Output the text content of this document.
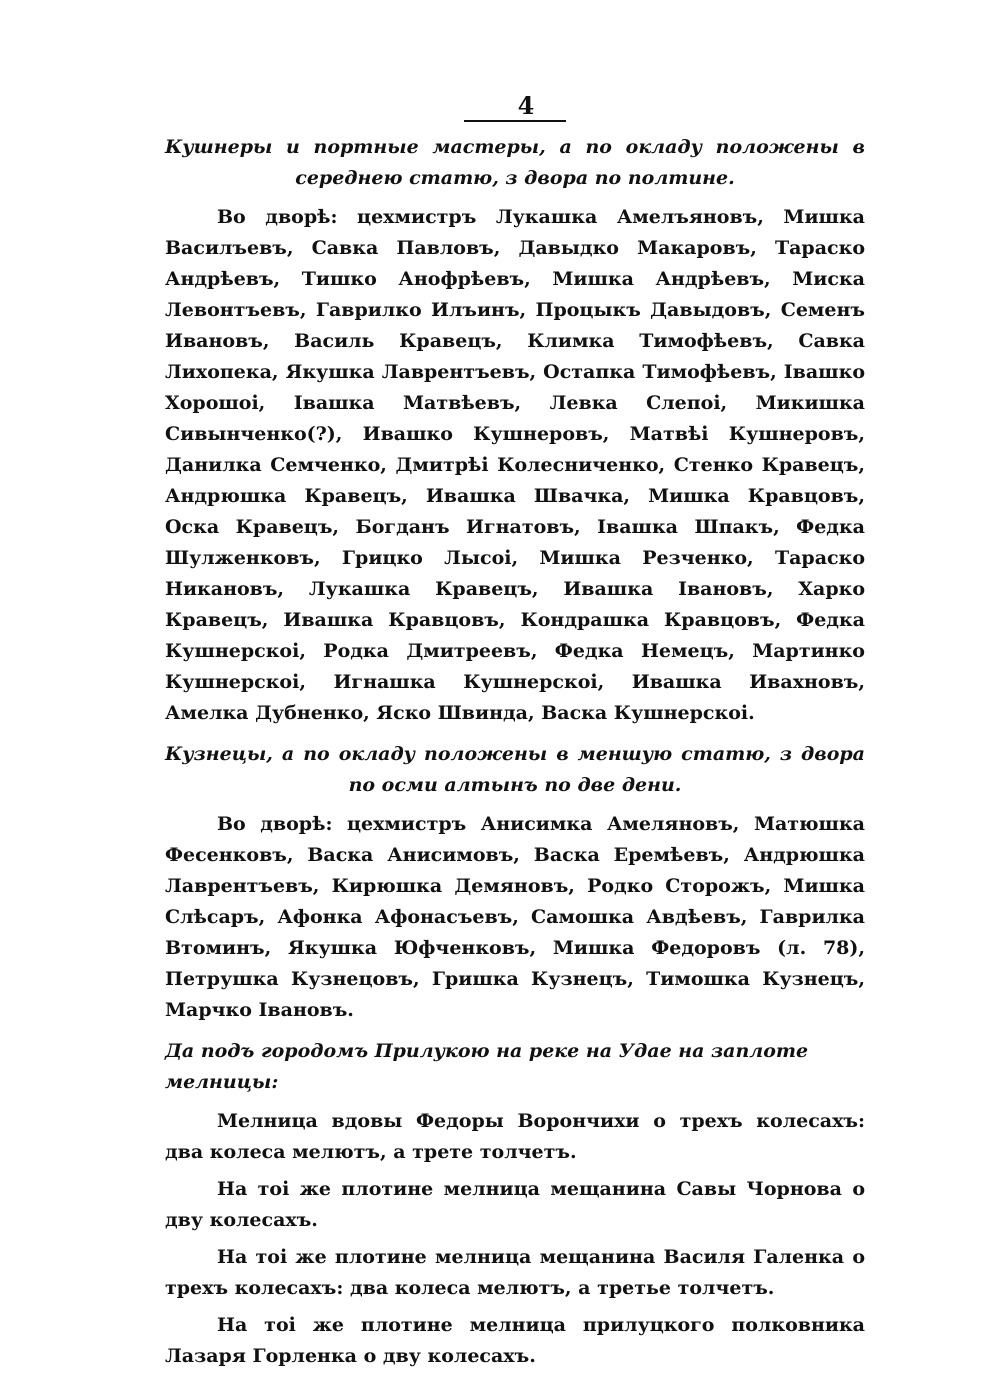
4
Кушнеры и портные мастеры, а по окладу положены в середнею статю, з двора по полтине.

Во дворѣ: цехмистръ Лукашка Амелъяновъ, Мишка Василъевъ, Савка Павловъ, Давыдко Макаровъ, Тараско Андрѣевъ, Тишко Анофрѣевъ, Мишка Андрѣевъ, Миска Левонтъевъ, Гаврилко Илъинъ, Процыкъ Давыдовъ, Семенъ Ивановъ, Василь Кравецъ, Климка Тимофѣевъ, Савка Лихопека, Якушка Лаврентъевъ, Остапка Тимофѣевъ, Івашко Хорошоі, Івашка Матвѣевъ, Левка Слепоі, Микишка Сивынченко(?), Ивашко Кушнеровъ, Матвѣі Кушнеровъ, Данилка Семченко, Дмитрѣі Колесниченко, Стенко Кравецъ, Андрюшка Кравецъ, Ивашка Швачка, Мишка Кравцовъ, Оска Кравецъ, Богданъ Игнатовъ, Івашка Шпакъ, Федка Шулженковъ, Грицко Лысоі, Мишка Резченко, Тараско Никановъ, Лукашка Кравецъ, Ивашка Івановъ, Харко Кравецъ, Ивашка Кравцовъ, Кондрашка Кравцовъ, Федка Кушнерскоі, Родка Дмитреевъ, Федка Немецъ, Мартинко Кушнерскоі, Игнашка Кушнерскоі, Ивашка Ивахновъ, Амелка Дубненко, Яско Швинда, Васка Кушнерскоі.

Кузнецы, а по окладу положены в меншую статю, з двора по осми алтынъ по две дени.

Во дворѣ: цехмистръ Анисимка Амеляновъ, Матюшка Фесенковъ, Васка Анисимовъ, Васка Еремѣевъ, Андрюшка Лаврентъевъ, Кирюшка Демяновъ, Родко Сторожъ, Мишка Слѣсаръ, Афонка Афонасъевъ, Самошка Авдѣевъ, Гаврилка Втоминъ, Якушка Юфченковъ, Мишка Федоровъ (л. 78), Петрушка Кузнецовъ, Гришка Кузнецъ, Тимошка Кузнецъ, Марчко Івановъ.

Да подъ городомъ Прилукою на реке на Удае на заплоте мелницы:

Мелница вдовы Федоры Ворончихи о трехъ колесахъ: два колеса мелютъ, а трете толчетъ.

На тоі же плотине мелница мещанина Савы Чорнова о дву колесахъ.

На тоі же плотине мелница мещанина Василя Галенка о трехъ колесахъ: два колеса мелютъ, а третье толчетъ.

На тоі же плотине мелница прилуцкого полковника Лазаря Горленка о дву колесахъ.
